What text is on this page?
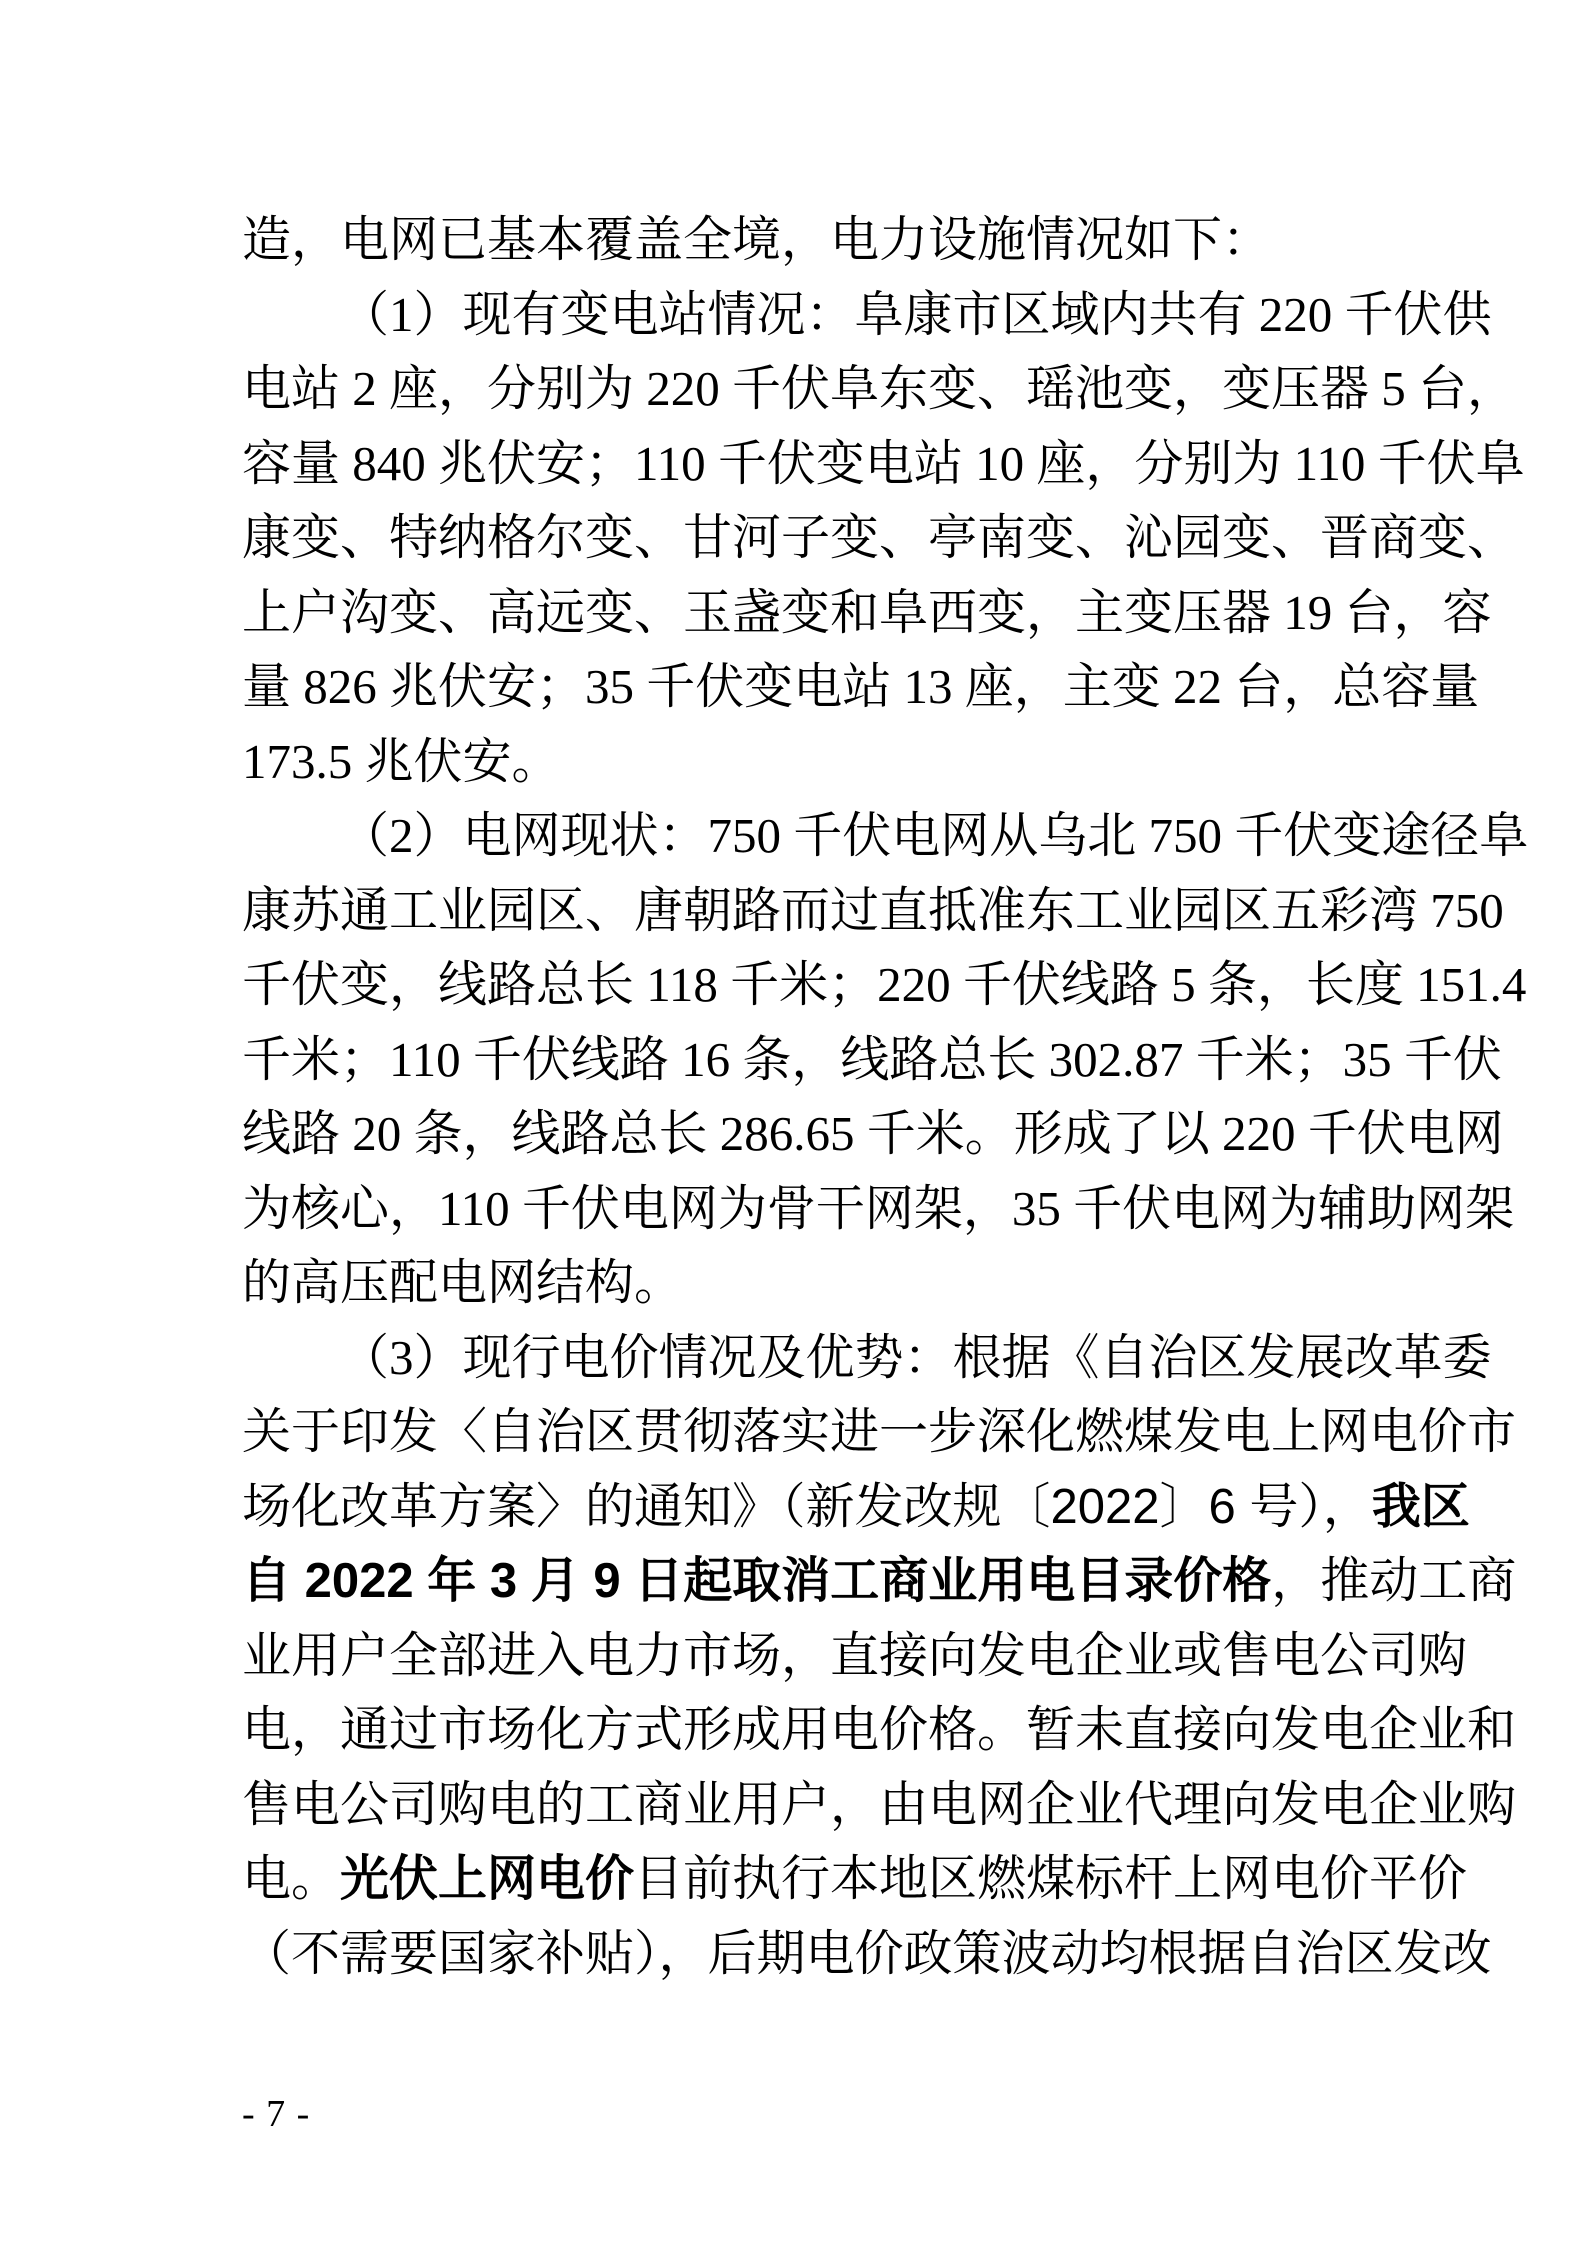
造，电网已基本覆盖全境，电力设施情况如下：
（1）现有变电站情况：阜康市区域内共有 220 千伏供
电站 2 座，分别为 220 千伏阜东变、瑶池变，变压器 5 台，
容量 840 兆伏安；110 千伏变电站 10 座，分别为 110 千伏阜
康变、特纳格尔变、甘河子变、亭南变、沁园变、晋商变、
上户沟变、高远变、玉盏变和阜西变，主变压器 19 台，容
量 826 兆伏安；35 千伏变电站 13 座，主变 22 台，总容量
173.5 兆伏安。
（2）电网现状：750 千伏电网从乌北 750 千伏变途径阜
康苏通工业园区、唐朝路而过直抵准东工业园区五彩湾 750
千伏变，线路总长 118 千米；220 千伏线路 5 条，长度 151.4
千米；110 千伏线路 16 条，线路总长 302.87 千米；35 千伏
线路 20 条，线路总长 286.65 千米。形成了以 220 千伏电网
为核心，110 千伏电网为骨干网架，35 千伏电网为辅助网架
的高压配电网结构。
（3）现行电价情况及优势：根据《自治区发展改革委
关于印发〈自治区贯彻落实进一步深化燃煤发电上网电价市
场化改革方案〉的通知》（新发改规〔2022〕6 号），我区
自 2022 年 3 月 9 日起取消工商业用电目录价格，推动工商
业用户全部进入电力市场，直接向发电企业或售电公司购
电，通过市场化方式形成用电价格。暂未直接向发电企业和
售电公司购电的工商业用户，由电网企业代理向发电企业购
电。光伏上网电价目前执行本地区燃煤标杆上网电价平价
（不需要国家补贴），后期电价政策波动均根据自治区发改
- 7 -
